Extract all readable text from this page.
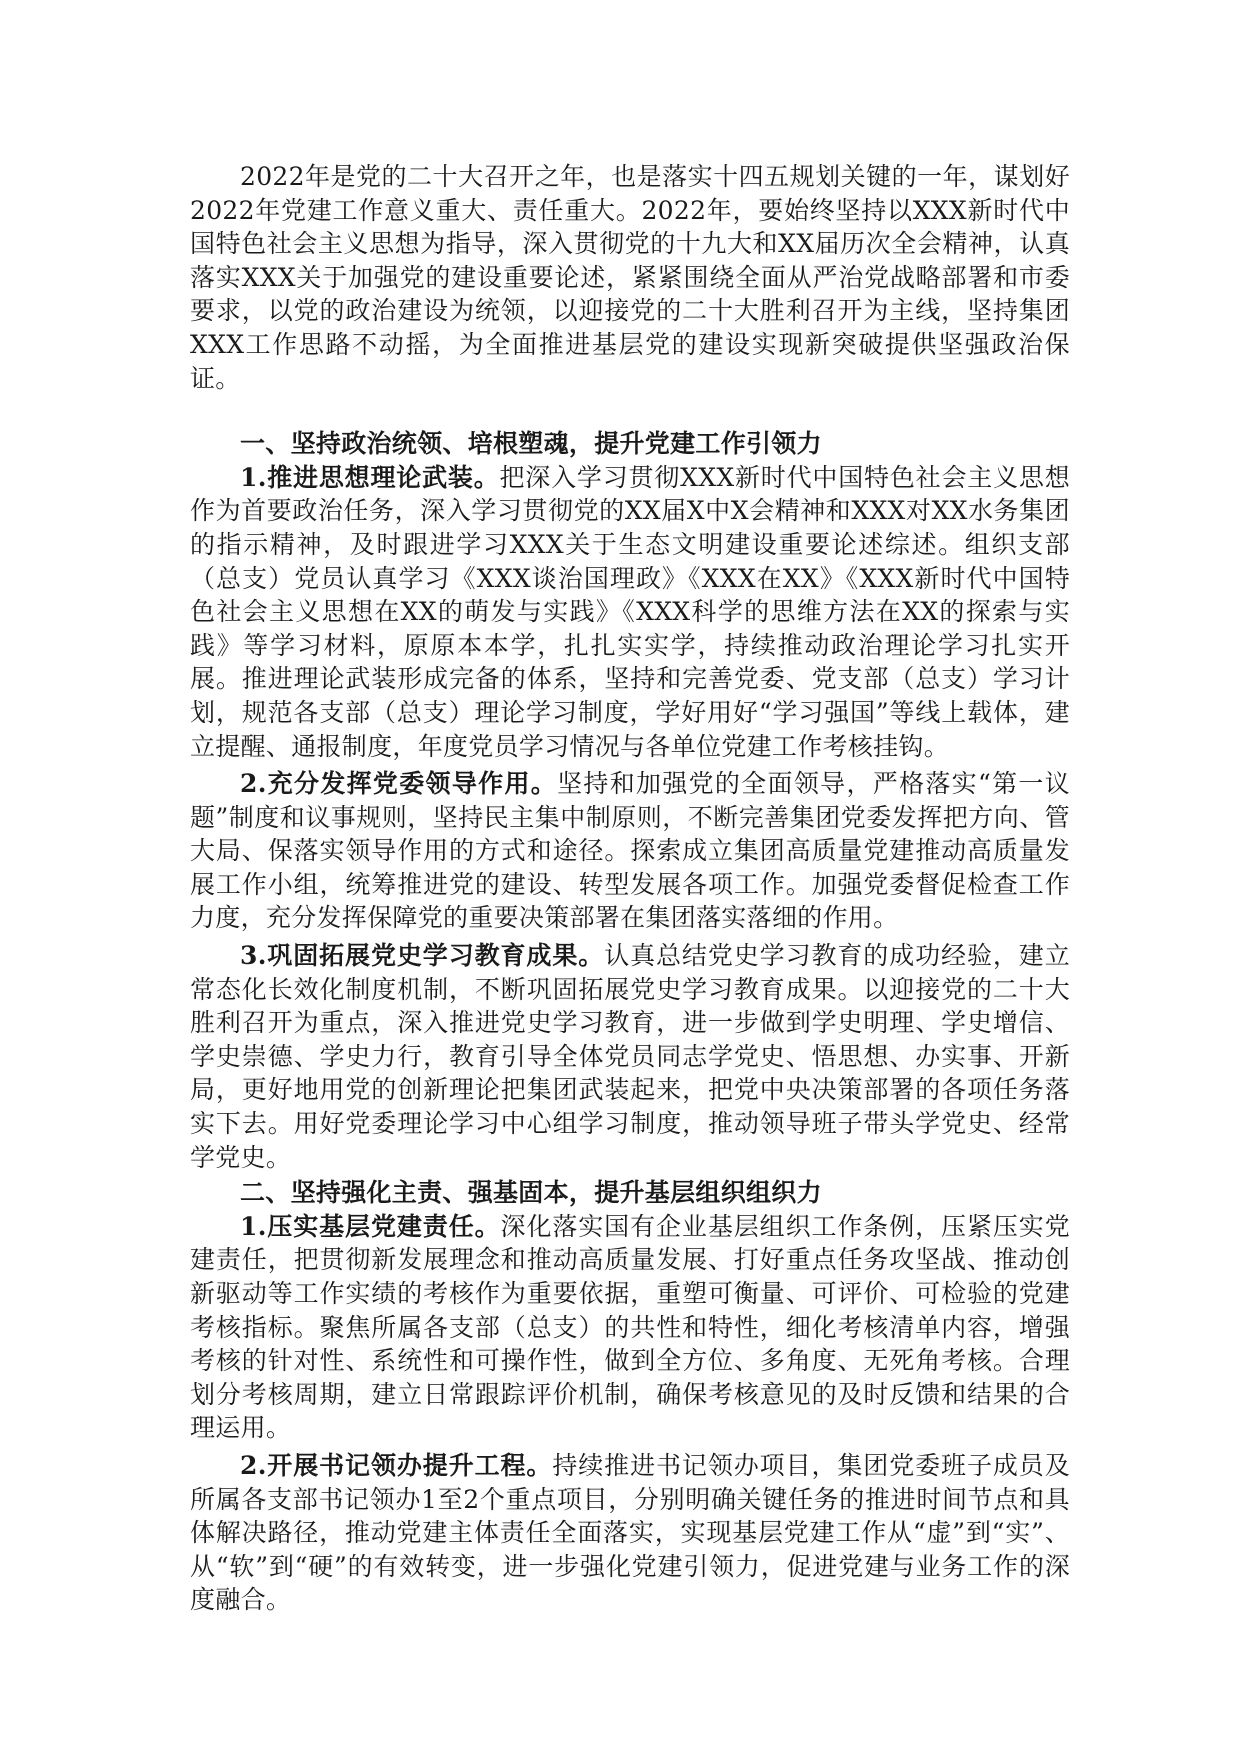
2022年是党的二十大召开之年，也是落实十四五规划关键的一年，谋划好2022年党建工作意义重大、责任重大。2022年，要始终坚持以XXX新时代中国特色社会主义思想为指导，深入贯彻党的十九大和XX届历次全会精神，认真落实XXX关于加强党的建设重要论述，紧紧围绕全面从严治党战略部署和市委要求，以党的政治建设为统领，以迎接党的二十大胜利召开为主线，坚持集团XXX工作思路不动摇，为全面推进基层党的建设实现新突破提供坚强政治保证。

一、坚持政治统领、培根塑魂，提升党建工作引领力

1.推进思想理论武装。把深入学习贯彻XXX新时代中国特色社会主义思想作为首要政治任务，深入学习贯彻党的XX届X中X会精神和XXX对XX水务集团的指示精神，及时跟进学习XXX关于生态文明建设重要论述综述。组织支部（总支）党员认真学习《XXX谈治国理政》《XXX在XX》《XXX新时代中国特色社会主义思想在XX的萌发与实践》《XXX科学的思维方法在XX的探索与实践》等学习材料，原原本本学，扎扎实实学，持续推动政治理论学习扎实开展。推进理论武装形成完备的体系，坚持和完善党委、党支部（总支）学习计划，规范各支部（总支）理论学习制度，学好用好“学习强国”等线上载体，建立提醒、通报制度，年度党员学习情况与各单位党建工作考核挂钩。

2.充分发挥党委领导作用。坚持和加强党的全面领导，严格落实“第一议题”制度和议事规则，坚持民主集中制原则，不断完善集团党委发挥把方向、管大局、保落实领导作用的方式和途径。探索成立集团高质量党建推动高质量发展工作小组，统筹推进党的建设、转型发展各项工作。加强党委督促检查工作力度，充分发挥保障党的重要决策部署在集团落实落细的作用。

3.巩固拓展党史学习教育成果。认真总结党史学习教育的成功经验，建立常态化长效化制度机制，不断巩固拓展党史学习教育成果。以迎接党的二十大胜利召开为重点，深入推进党史学习教育，进一步做到学史明理、学史增信、学史崇德、学史力行，教育引导全体党员同志学党史、悟思想、办实事、开新局，更好地用党的创新理论把集团武装起来，把党中央决策部署的各项任务落实下去。用好党委理论学习中心组学习制度，推动领导班子带头学党史、经常学党史。

二、坚持强化主责、强基固本，提升基层组织组织力

1.压实基层党建责任。深化落实国有企业基层组织工作条例，压紧压实党建责任，把贯彻新发展理念和推动高质量发展、打好重点任务攻坚战、推动创新驱动等工作实绩的考核作为重要依据，重塑可衡量、可评价、可检验的党建考核指标。聚焦所属各支部（总支）的共性和特性，细化考核清单内容，增强考核的针对性、系统性和可操作性，做到全方位、多角度、无死角考核。合理划分考核周期，建立日常跟踪评价机制，确保考核意见的及时反馈和结果的合理运用。

2.开展书记领办提升工程。持续推进书记领办项目，集团党委班子成员及所属各支部书记领办1至2个重点项目，分别明确关键任务的推进时间节点和具体解决路径，推动党建主体责任全面落实，实现基层党建工作从“虚”到“实”、从“软”到“硬”的有效转变，进一步强化党建引领力，促进党建与业务工作的深度融合。
